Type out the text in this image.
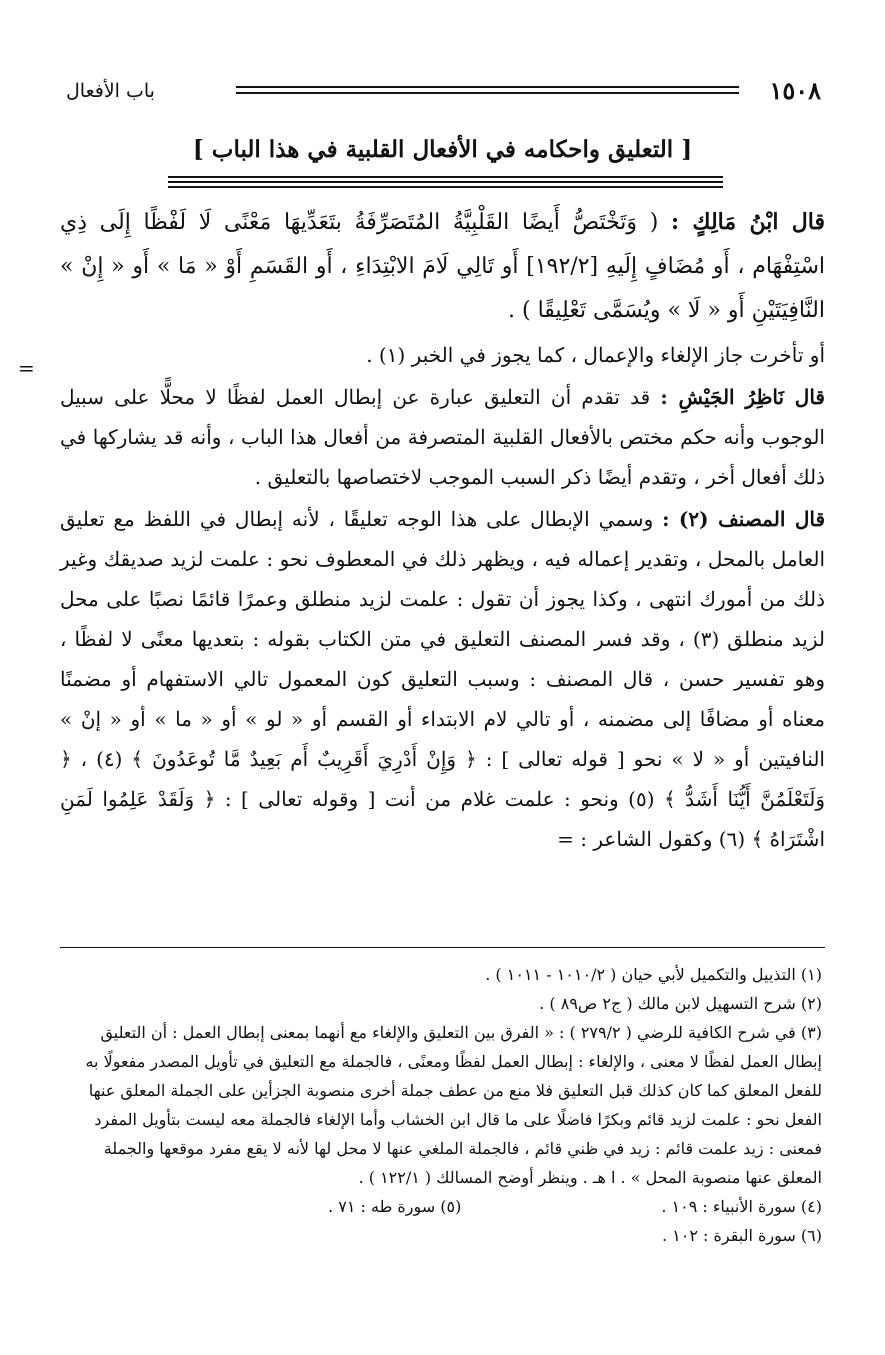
١٥٠٨
باب الأفعال
[ التعليق واحكامه في الأفعال القلبية في هذا الباب ]

قال ابْنُ مَالِكٍ : ( وَتَخْتَصُّ أَيضًا القَلْبِيَّةُ المُتَصَرِّفَةُ بتَعَدِّيهَا مَعْنًى لَا لَفْظًا إِلَى ذِي اسْتِفْهَام ، أَو مُضَافٍ إِلَيهِ [١٩٢/٢] أَو تَالِي لَامَ الابْتِدَاءِ ، أَو القَسَمِ أَوْ « مَا » أَو « إِنْ » النَّافِيَتَيْنِ أَو « لَا » ويُسَمَّى تَعْلِيقًا ) .

أو تأخرت جاز الإلغاء والإعمال ، كما يجوز في الخبر (١) .

قال نَاظِرُ الجَيْشِ : قد تقدم أن التعليق عبارة عن إبطال العمل لفظًا لا محلًّا على سبيل الوجوب وأنه حكم مختص بالأفعال القلبية المتصرفة من أفعال هذا الباب ، وأنه قد يشاركها في ذلك أفعال أخر ، وتقدم أيضًا ذكر السبب الموجب لاختصاصها بالتعليق .

قال المصنف (٢) : وسمي الإبطال على هذا الوجه تعليقًا ، لأنه إبطال في اللفظ مع تعليق العامل بالمحل ، وتقدير إعماله فيه ، ويظهر ذلك في المعطوف نحو : علمت لزيد صديقك وغير ذلك من أمورك انتهى ، وكذا يجوز أن تقول : علمت لزيد منطلق وعمرًا قائمًا نصبًا على محل لزيد منطلق (٣) ، وقد فسر المصنف التعليق في متن الكتاب بقوله : بتعديها معنًى لا لفظًا ، وهو تفسير حسن ، قال المصنف : وسبب التعليق كون المعمول تالي الاستفهام أو مضمنًا معناه أو مضافًا إلى مضمنه ، أو تالي لام الابتداء أو القسم أو « لو » أو « ما » أو « إنْ » النافيتين أو « لا » نحو [ قوله تعالى ] : ﴿ وَإِنْ أَدْرِيَ أَقَرِيبٌ أَم بَعِيدٌ مَّا تُوعَدُونَ ﴾ (٤) ، ﴿ وَلَتَعْلَمُنَّ أَيُّنَا أَشَدُّ ﴾ (٥) ونحو : علمت غلام من أنت [ وقوله تعالى ] : ﴿ وَلَقَدْ عَلِمُوا لَمَنِ اشْتَرَاهُ ﴾ (٦) وكقول الشاعر : =

=

(١) التذييل والتكميل لأبي حيان ( ١٠١٠/٢ - ١٠١١ ) .

(٢) شرح التسهيل لابن مالك ( ج٢ ص٨٩ ) .

(٣) في شرح الكافية للرضي ( ٢٧٩/٢ ) : « الفرق بين التعليق والإلغاء مع أنهما بمعنى إبطال العمل : أن التعليق إبطال العمل لفظًا لا معنى ، والإلغاء : إبطال العمل لفظًا ومعنًى ، فالجملة مع التعليق في تأويل المصدر مفعولًا به للفعل المعلق كما كان كذلك قبل التعليق فلا منع من عطف جملة أخرى منصوبة الجزأين على الجملة المعلق عنها الفعل نحو : علمت لزيد قائم وبكرًا فاضلًا على ما قال ابن الخشاب وأما الإلغاء فالجملة معه ليست بتأويل المفرد فمعنى : زيد علمت قائم : زيد في ظني قائم ، فالجملة الملغي عنها لا محل لها لأنه لا يقع مفرد موقعها والجملة المعلق عنها منصوبة المحل » . ا هـ . وينظر أوضح المسالك ( ١٢٢/١ ) .

(٤) سورة الأنبياء : ١٠٩ .
(٥) سورة طه : ٧١ .

(٦) سورة البقرة : ١٠٢ .
